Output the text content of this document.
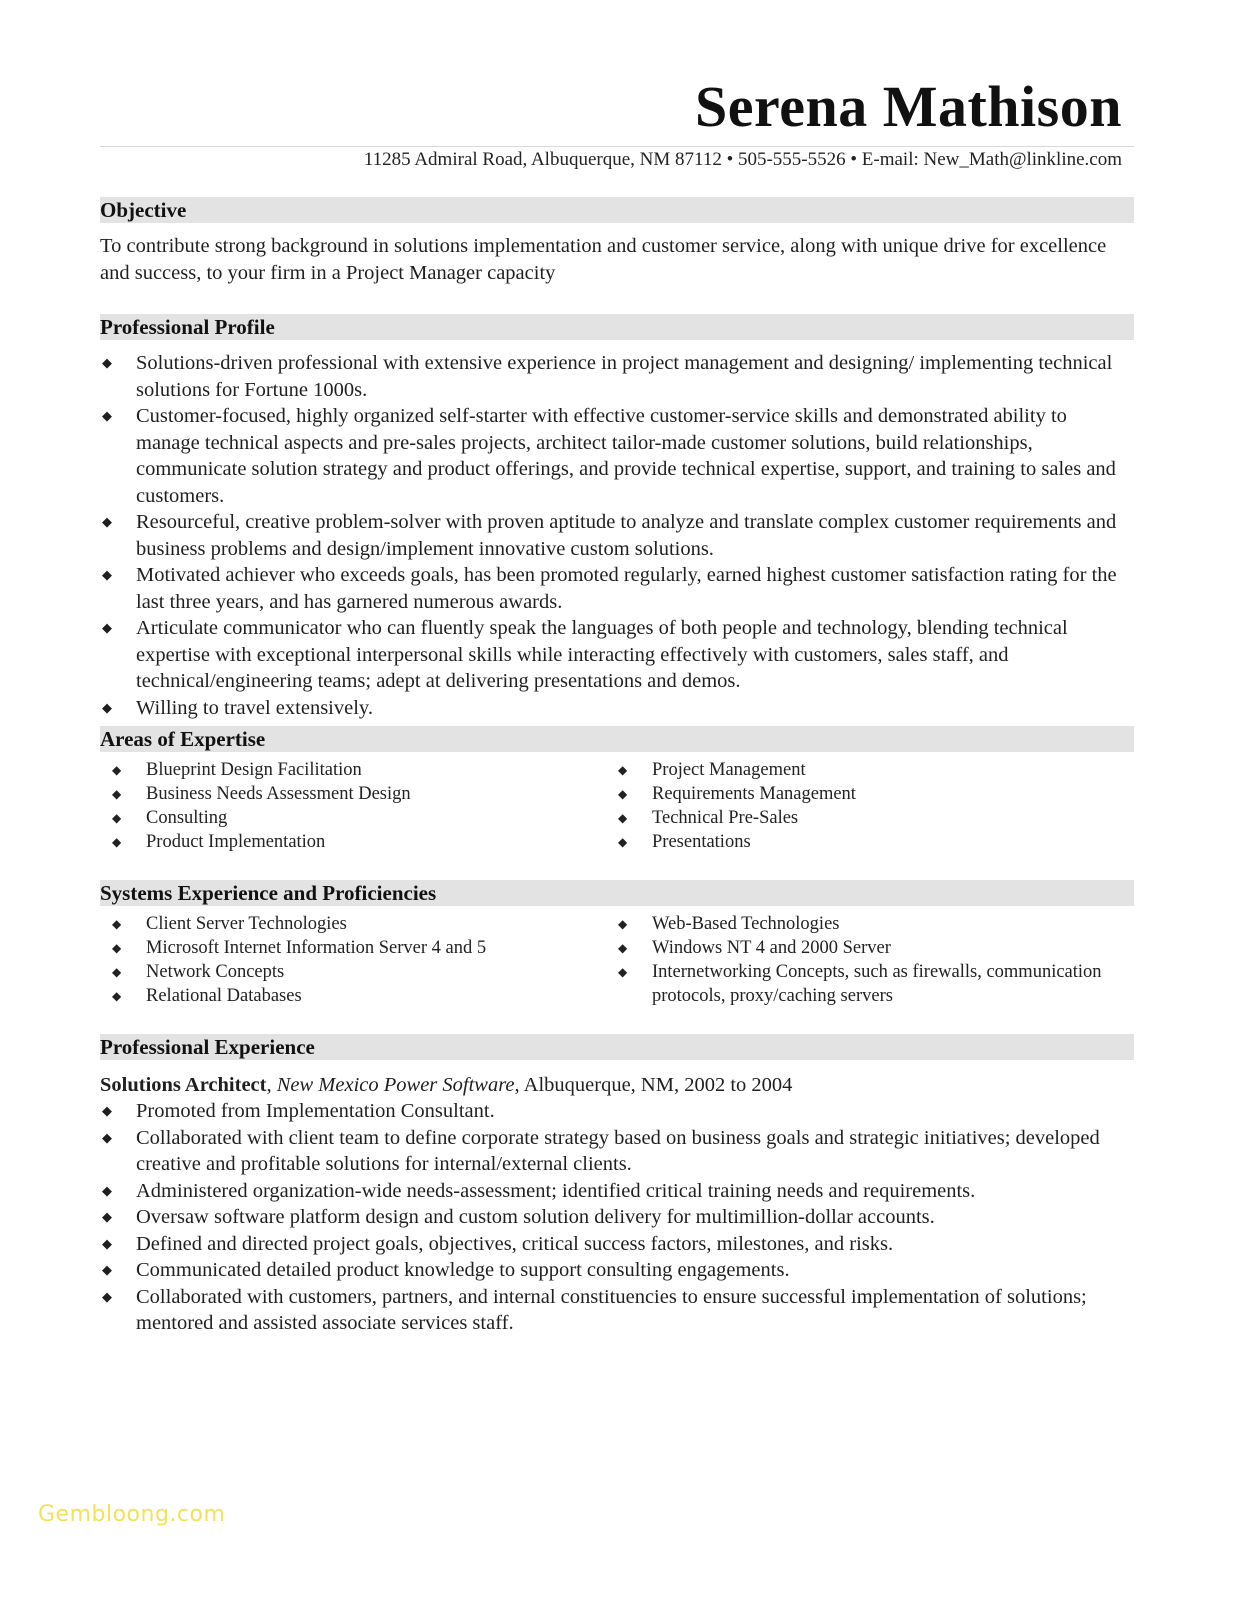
Serena Mathison
11285 Admiral Road, Albuquerque, NM 87112 • 505-555-5526 • E-mail: New_Math@linkline.com
Objective
To contribute strong background in solutions implementation and customer service, along with unique drive for excellence and success, to your firm in a Project Manager capacity
Professional Profile
◆ Solutions-driven professional with extensive experience in project management and designing/ implementing technical solutions for Fortune 1000s.
◆ Customer-focused, highly organized self-starter with effective customer-service skills and demonstrated ability to manage technical aspects and pre-sales projects, architect tailor-made customer solutions, build relationships, communicate solution strategy and product offerings, and provide technical expertise, support, and training to sales and customers.
◆ Resourceful, creative problem-solver with proven aptitude to analyze and translate complex customer requirements and business problems and design/implement innovative custom solutions.
◆ Motivated achiever who exceeds goals, has been promoted regularly, earned highest customer satisfaction rating for the last three years, and has garnered numerous awards.
◆ Articulate communicator who can fluently speak the languages of both people and technology, blending technical expertise with exceptional interpersonal skills while interacting effectively with customers, sales staff, and technical/engineering teams; adept at delivering presentations and demos.
◆ Willing to travel extensively.
Areas of Expertise
◆ Blueprint Design Facilitation
◆ Business Needs Assessment Design
◆ Consulting
◆ Product Implementation
◆ Project Management
◆ Requirements Management
◆ Technical Pre-Sales
◆ Presentations
Systems Experience and Proficiencies
◆ Client Server Technologies
◆ Microsoft Internet Information Server 4 and 5
◆ Network Concepts
◆ Relational Databases
◆ Web-Based Technologies
◆ Windows NT 4 and 2000 Server
◆ Internetworking Concepts, such as firewalls, communication protocols, proxy/caching servers
Professional Experience
Solutions Architect, New Mexico Power Software, Albuquerque, NM, 2002 to 2004
◆ Promoted from Implementation Consultant.
◆ Collaborated with client team to define corporate strategy based on business goals and strategic initiatives; developed creative and profitable solutions for internal/external clients.
◆ Administered organization-wide needs-assessment; identified critical training needs and requirements.
◆ Oversaw software platform design and custom solution delivery for multimillion-dollar accounts.
◆ Defined and directed project goals, objectives, critical success factors, milestones, and risks.
◆ Communicated detailed product knowledge to support consulting engagements.
◆ Collaborated with customers, partners, and internal constituencies to ensure successful implementation of solutions; mentored and assisted associate services staff.
Gembloong.com
